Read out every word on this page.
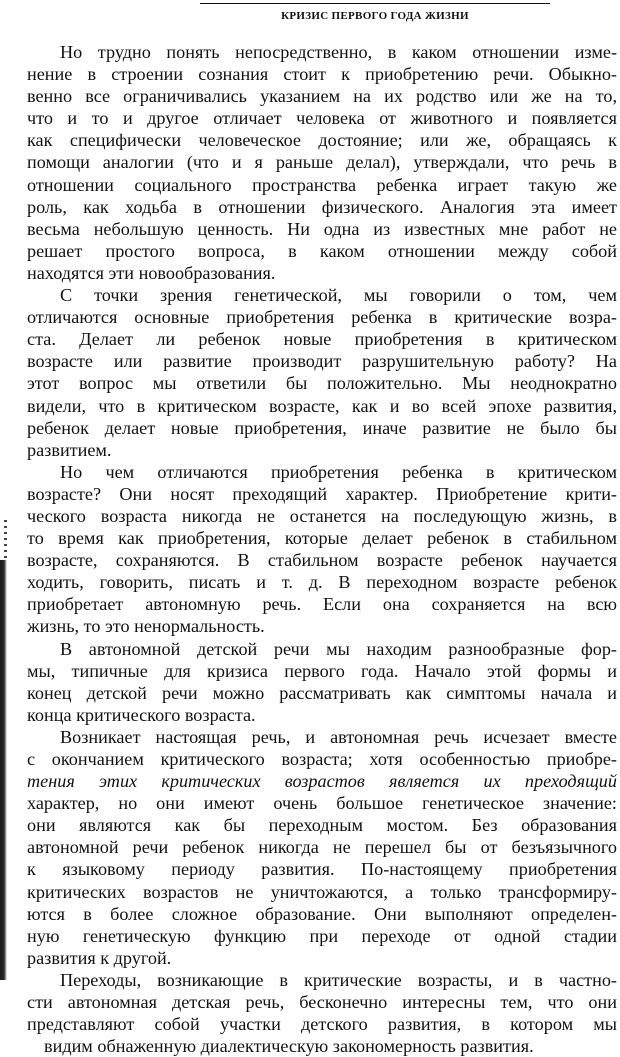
КРИЗИС ПЕРВОГО ГОДА ЖИЗНИ
Но трудно понять непосредственно, в каком отношении изме-
нение в строении сознания стоит к приобретению речи. Обыкно-
венно все ограничивались указанием на их родство или же на то,
что и то и другое отличает человека от животного и появляется
как специфически человеческое достояние; или же, обращаясь к
помощи аналогии (что и я раньше делал), утверждали, что речь в
отношении социального пространства ребенка играет такую же
роль, как ходьба в отношении физического. Аналогия эта имеет
весьма небольшую ценность. Ни одна из известных мне работ не
решает простого вопроса, в каком отношении между собой
находятся эти новообразования.
С точки зрения генетической, мы говорили о том, чем
отличаются основные приобретения ребенка в критические возра-
ста. Делает ли ребенок новые приобретения в критическом
возрасте или развитие производит разрушительную работу? На
этот вопрос мы ответили бы положительно. Мы неоднократно
видели, что в критическом возрасте, как и во всей эпохе развития,
ребенок делает новые приобретения, иначе развитие не было бы
развитием.
Но чем отличаются приобретения ребенка в критическом
возрасте? Они носят преходящий характер. Приобретение крити-
ческого возраста никогда не останется на последующую жизнь, в
то время как приобретения, которые делает ребенок в стабильном
возрасте, сохраняются. В стабильном возрасте ребенок научается
ходить, говорить, писать и т. д. В переходном возрасте ребенок
приобретает автономную речь. Если она сохраняется на всю
жизнь, то это ненормальность.
В автономной детской речи мы находим разнообразные фор-
мы, типичные для кризиса первого года. Начало этой формы и
конец детской речи можно рассматривать как симптомы начала и
конца критического возраста.
Возникает настоящая речь, и автономная речь исчезает вместе
с окончанием критического возраста; хотя особенностью приобре-
тения этих критических возрастов является их преходящий
характер, но они имеют очень большое генетическое значение:
они являются как бы переходным мостом. Без образования
автономной речи ребенок никогда не перешел бы от безъязычного
к языковому периоду развития. По-настоящему приобретения
критических возрастов не уничтожаются, а только трансформиру-
ются в более сложное образование. Они выполняют определен-
ную генетическую функцию при переходе от одной стадии
развития к другой.
Переходы, возникающие в критические возрасты, и в частно-
сти автономная детская речь, бесконечно интересны тем, что они
представляют собой участки детского развития, в котором мы
видим обнаженную диалектическую закономерность развития.
